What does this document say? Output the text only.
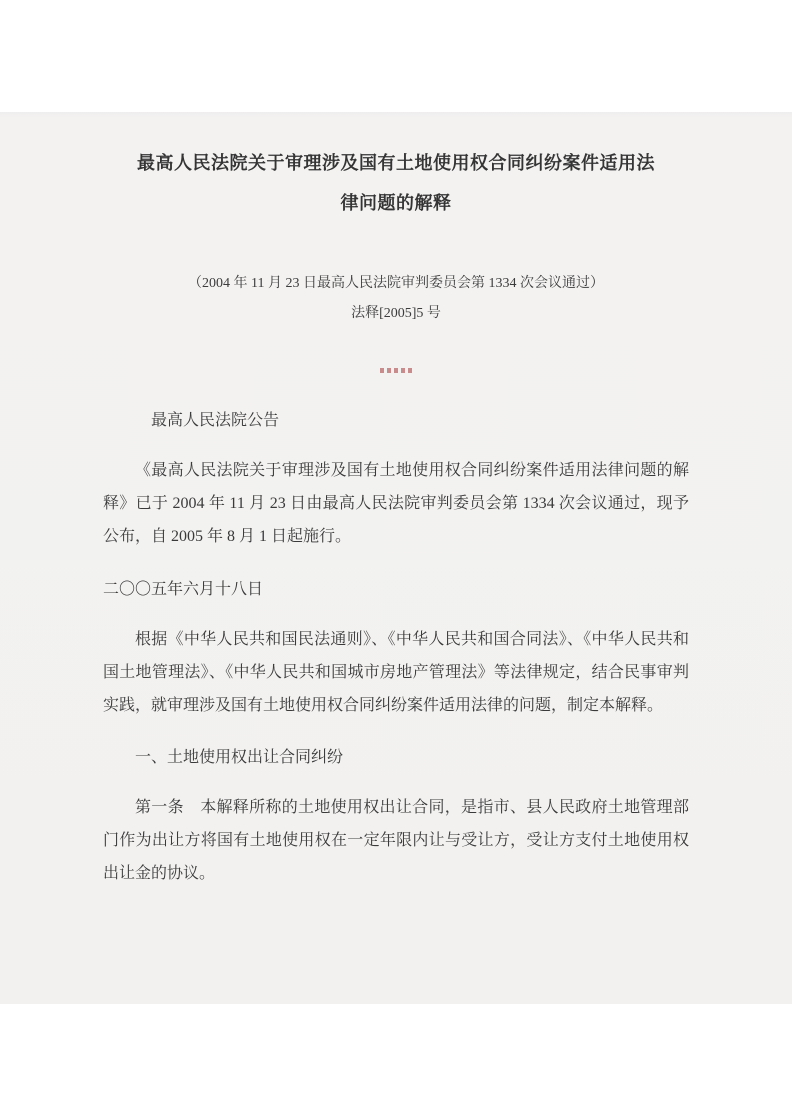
最高人民法院关于审理涉及国有土地使用权合同纠纷案件适用法
律问题的解释
（2004 年 11 月 23 日最高人民法院审判委员会第 1334 次会议通过）
法释[2005]5 号
最高人民法院公告

《最高人民法院关于审理涉及国有土地使用权合同纠纷案件适用法律问题的解释》已于 2004 年 11 月 23 日由最高人民法院审判委员会第 1334 次会议通过，现予公布，自 2005 年 8 月 1 日起施行。

二〇〇五年六月十八日

根据《中华人民共和国民法通则》、《中华人民共和国合同法》、《中华人民共和国土地管理法》、《中华人民共和国城市房地产管理法》等法律规定，结合民事审判实践，就审理涉及国有土地使用权合同纠纷案件适用法律的问题，制定本解释。

一、土地使用权出让合同纠纷

第一条　本解释所称的土地使用权出让合同，是指市、县人民政府土地管理部门作为出让方将国有土地使用权在一定年限内让与受让方，受让方支付土地使用权出让金的协议。
